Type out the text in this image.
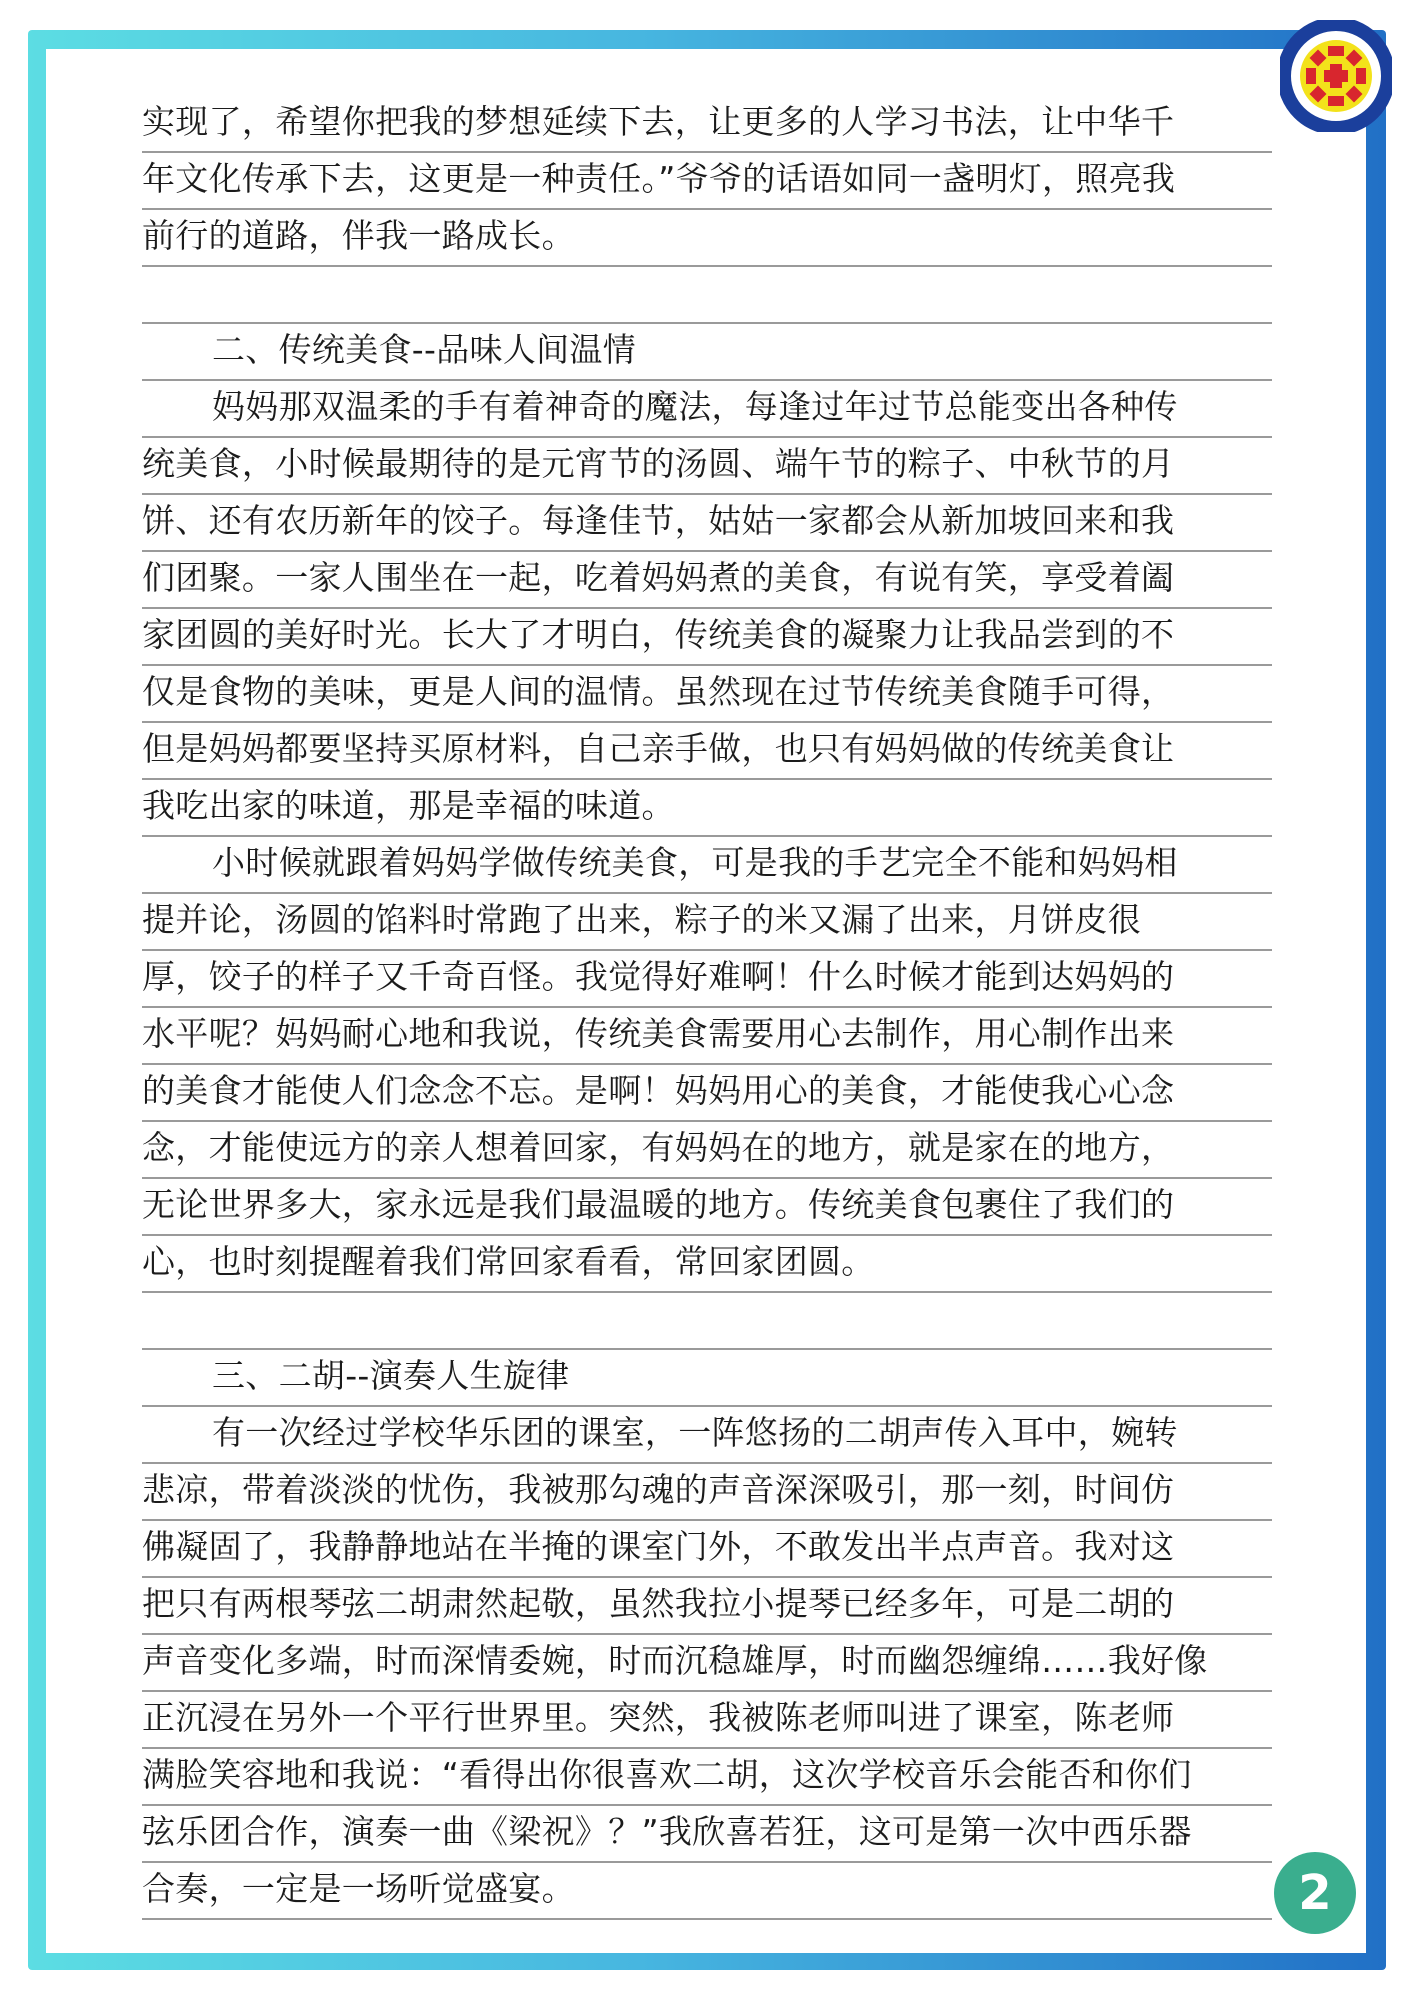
实现了，希望你把我的梦想延续下去，让更多的人学习书法，让中华千
年文化传承下去，这更是一种责任。”爷爷的话语如同一盏明灯，照亮我
前行的道路，伴我一路成长。
二、传统美食--品味人间温情
妈妈那双温柔的手有着神奇的魔法，每逢过年过节总能变出各种传
统美食，小时候最期待的是元宵节的汤圆、端午节的粽子、中秋节的月
饼、还有农历新年的饺子。每逢佳节，姑姑一家都会从新加坡回来和我
们团聚。一家人围坐在一起，吃着妈妈煮的美食，有说有笑，享受着阖
家团圆的美好时光。长大了才明白，传统美食的凝聚力让我品尝到的不
仅是食物的美味，更是人间的温情。虽然现在过节传统美食随手可得，
但是妈妈都要坚持买原材料，自己亲手做，也只有妈妈做的传统美食让
我吃出家的味道，那是幸福的味道。
小时候就跟着妈妈学做传统美食，可是我的手艺完全不能和妈妈相
提并论，汤圆的馅料时常跑了出来，粽子的米又漏了出来，月饼皮很
厚，饺子的样子又千奇百怪。我觉得好难啊！什么时候才能到达妈妈的
水平呢？妈妈耐心地和我说，传统美食需要用心去制作，用心制作出来
的美食才能使人们念念不忘。是啊！妈妈用心的美食，才能使我心心念
念，才能使远方的亲人想着回家，有妈妈在的地方，就是家在的地方，
无论世界多大，家永远是我们最温暖的地方。传统美食包裹住了我们的
心，也时刻提醒着我们常回家看看，常回家团圆。
三、二胡--演奏人生旋律
有一次经过学校华乐团的课室，一阵悠扬的二胡声传入耳中，婉转
悲凉，带着淡淡的忧伤，我被那勾魂的声音深深吸引，那一刻，时间仿
佛凝固了，我静静地站在半掩的课室门外，不敢发出半点声音。我对这
把只有两根琴弦二胡肃然起敬，虽然我拉小提琴已经多年，可是二胡的
声音变化多端，时而深情委婉，时而沉稳雄厚，时而幽怨缠绵……我好像
正沉浸在另外一个平行世界里。突然，我被陈老师叫进了课室，陈老师
满脸笑容地和我说：“看得出你很喜欢二胡，这次学校音乐会能否和你们
弦乐团合作，演奏一曲《梁祝》？”我欣喜若狂，这可是第一次中西乐器
合奏，一定是一场听觉盛宴。	2
